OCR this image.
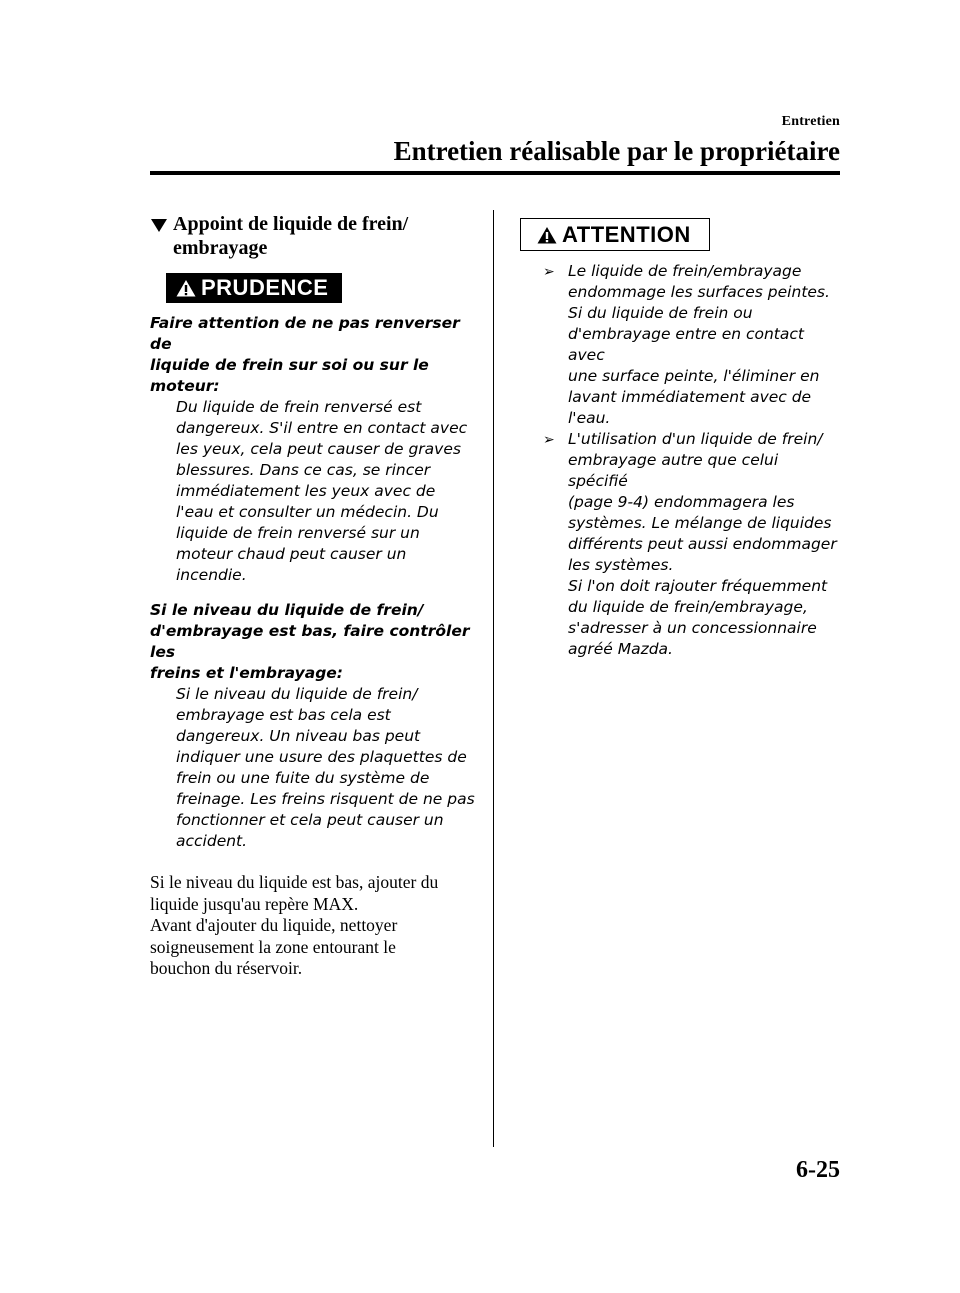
Entretien
Entretien réalisable par le propriétaire
Appoint de liquide de frein/
embrayage
PRUDENCE

Faire attention de ne pas renverser de
liquide de frein sur soi ou sur le moteur:

Du liquide de frein renversé est
dangereux. S'il entre en contact avec
les yeux, cela peut causer de graves
blessures. Dans ce cas, se rincer
immédiatement les yeux avec de
l'eau et consulter un médecin. Du
liquide de frein renversé sur un
moteur chaud peut causer un
incendie.

Si le niveau du liquide de frein/
d'embrayage est bas, faire contrôler les
freins et l'embrayage:

Si le niveau du liquide de frein/
embrayage est bas cela est
dangereux. Un niveau bas peut
indiquer une usure des plaquettes de
frein ou une fuite du système de
freinage. Les freins risquent de ne pas
fonctionner et cela peut causer un
accident.

Si le niveau du liquide est bas, ajouter du
liquide jusqu'au repère MAX.
Avant d'ajouter du liquide, nettoyer
soigneusement la zone entourant le
bouchon du réservoir.

ATTENTION
➢ Le liquide de frein/embrayage
endommage les surfaces peintes.
Si du liquide de frein ou
d'embrayage entre en contact avec
une surface peinte, l'éliminer en
lavant immédiatement avec de
l'eau.
➢ L'utilisation d'un liquide de frein/
embrayage autre que celui spécifié
(page 9-4) endommagera les
systèmes. Le mélange de liquides
différents peut aussi endommager
les systèmes.
Si l'on doit rajouter fréquemment
du liquide de frein/embrayage,
s'adresser à un concessionnaire
agréé Mazda.
6-25
